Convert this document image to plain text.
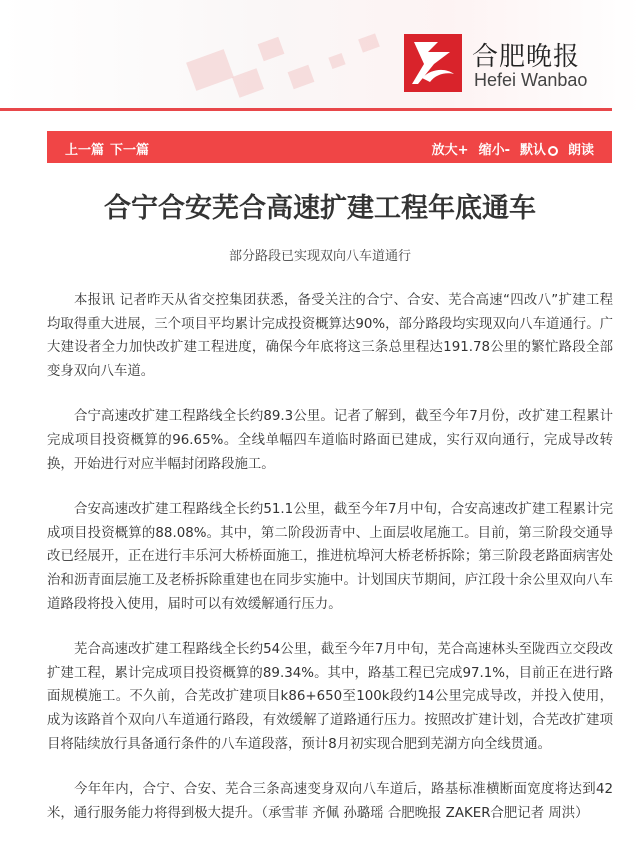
合肥晚报
Hefei Wanbao
上一篇 下一篇	放大+ 缩小- 默认	朗读
合宁合安芜合高速扩建工程年底通车
部分路段已实现双向八车道通行

本报讯 记者昨天从省交控集团获悉，备受关注的合宁、合安、芜合高速“四改八”扩建工程均取得重大进展，三个项目平均累计完成投资概算达90%，部分路段均实现双向八车道通行。广大建设者全力加快改扩建工程进度，确保今年底将这三条总里程达191.78公里的繁忙路段全部变身双向八车道。

合宁高速改扩建工程路线全长约89.3公里。记者了解到，截至今年7月份，改扩建工程累计完成项目投资概算的96.65%。全线单幅四车道临时路面已建成，实行双向通行，完成导改转换，开始进行对应半幅封闭路段施工。

合安高速改扩建工程路线全长约51.1公里，截至今年7月中旬，合安高速改扩建工程累计完成项目投资概算的88.08%。其中，第二阶段沥青中、上面层收尾施工。目前，第三阶段交通导改已经展开，正在进行丰乐河大桥桥面施工，推进杭埠河大桥老桥拆除；第三阶段老路面病害处治和沥青面层施工及老桥拆除重建也在同步实施中。计划国庆节期间，庐江段十余公里双向八车道路段将投入使用，届时可以有效缓解通行压力。

芜合高速改扩建工程路线全长约54公里，截至今年7月中旬，芜合高速林头至陇西立交段改扩建工程，累计完成项目投资概算的89.34%。其中，路基工程已完成97.1%，目前正在进行路面规模施工。不久前，合芜改扩建项目k86+650至100k段约14公里完成导改，并投入使用，成为该路首个双向八车道通行路段，有效缓解了道路通行压力。按照改扩建计划，合芜改扩建项目将陆续放行具备通行条件的八车道段落，预计8月初实现合肥到芜湖方向全线贯通。

今年年内，合宁、合安、芜合三条高速变身双向八车道后，路基标准横断面宽度将达到42米，通行服务能力将得到极大提升。（承雪菲 齐佩 孙璐瑶 合肥晚报 ZAKER合肥记者 周洪）
